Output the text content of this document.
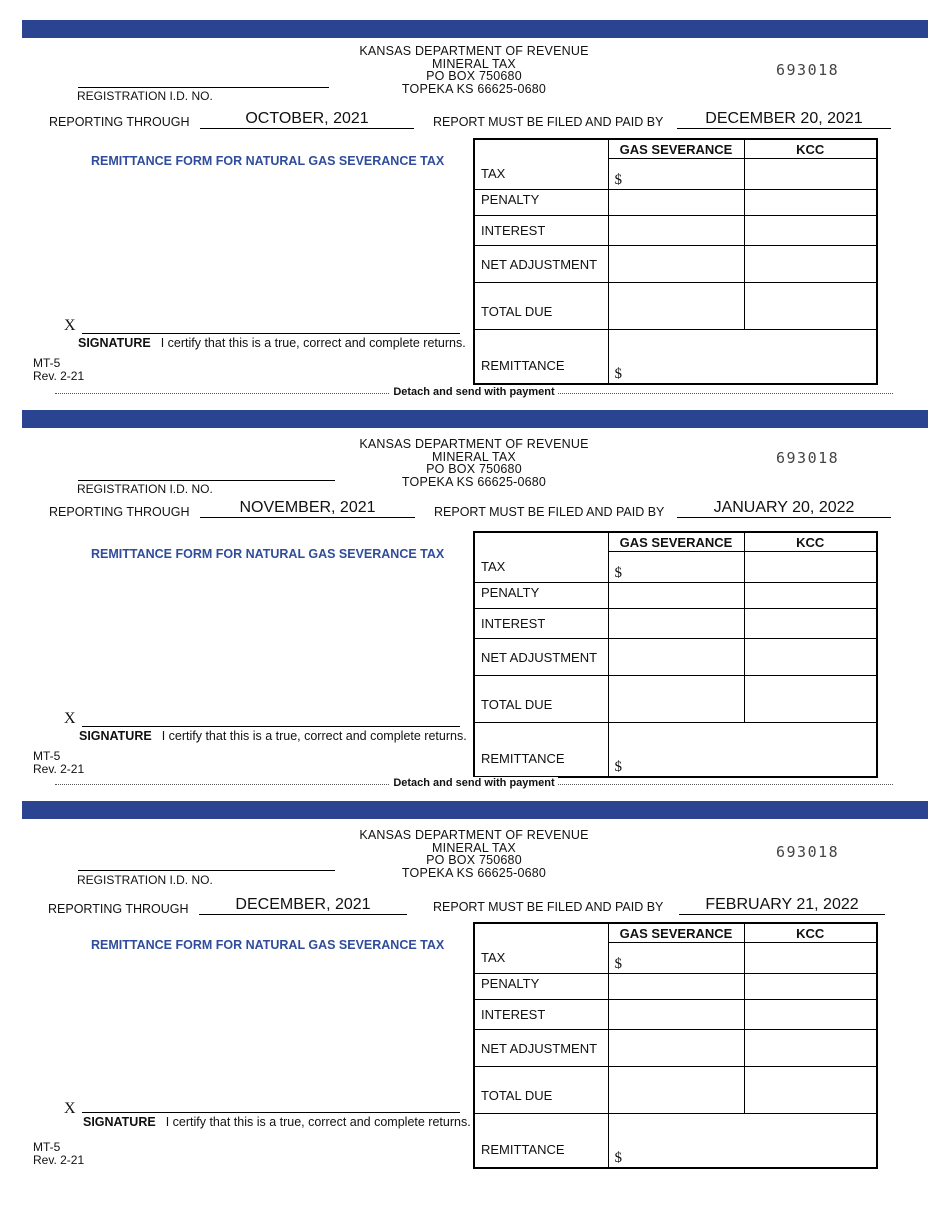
KANSAS DEPARTMENT OF REVENUE
MINERAL TAX
PO BOX 750680
TOPEKA KS 66625-0680
693018
REGISTRATION I.D. NO.
REPORTING THROUGH	OCTOBER, 2021	REPORT MUST BE FILED AND PAID BY	DECEMBER 20, 2021
REMITTANCE FORM FOR NATURAL GAS SEVERANCE TAX
	GAS SEVERANCE	KCC
TAX	$	
PENALTY		
INTEREST		
NET ADJUSTMENT		
TOTAL DUE		
REMITTANCE	$	
X
SIGNATURE I certify that this is a true, correct and complete returns.
MT-5
Rev. 2-21
Detach and send with payment
KANSAS DEPARTMENT OF REVENUE
MINERAL TAX
PO BOX 750680
TOPEKA KS 66625-0680
693018
REGISTRATION I.D. NO.
REPORTING THROUGH	NOVEMBER, 2021	REPORT MUST BE FILED AND PAID BY	JANUARY 20, 2022
REMITTANCE FORM FOR NATURAL GAS SEVERANCE TAX
	GAS SEVERANCE	KCC
TAX	$	
PENALTY		
INTEREST		
NET ADJUSTMENT		
TOTAL DUE		
REMITTANCE	$	
X
SIGNATURE I certify that this is a true, correct and complete returns.
MT-5
Rev. 2-21
Detach and send with payment
KANSAS DEPARTMENT OF REVENUE
MINERAL TAX
PO BOX 750680
TOPEKA KS 66625-0680
693018
REGISTRATION I.D. NO.
REPORTING THROUGH	DECEMBER, 2021	REPORT MUST BE FILED AND PAID BY	FEBRUARY 21, 2022
REMITTANCE FORM FOR NATURAL GAS SEVERANCE TAX
	GAS SEVERANCE	KCC
TAX	$	
PENALTY		
INTEREST		
NET ADJUSTMENT		
TOTAL DUE		
REMITTANCE	$	
X
SIGNATURE I certify that this is a true, correct and complete returns.
MT-5
Rev. 2-21
